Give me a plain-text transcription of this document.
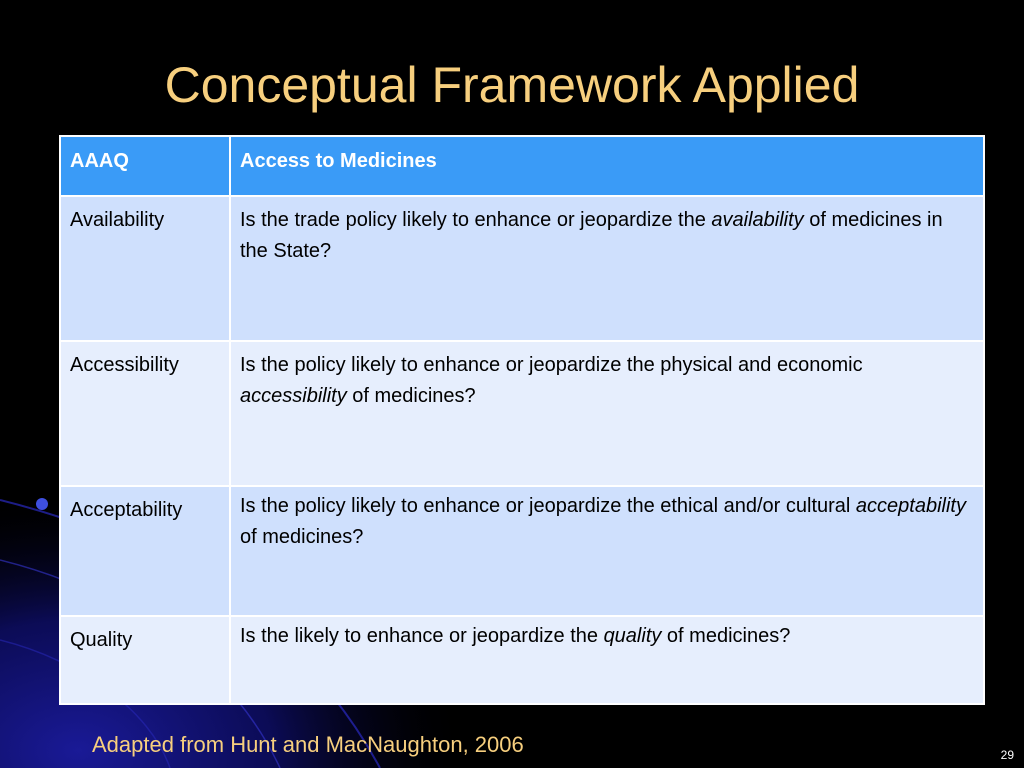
Conceptual Framework Applied
AAAQ	Access to Medicines
Availability	Is the trade policy likely to enhance or jeopardize the availability of medicines in the State?
Accessibility	Is the policy likely to enhance or jeopardize the physical and economic accessibility of medicines?
Acceptability	Is the policy likely to enhance or jeopardize the ethical and/or cultural acceptability of medicines?
Quality	Is the likely to enhance or jeopardize the quality of medicines?
Adapted from Hunt and MacNaughton, 2006	29
